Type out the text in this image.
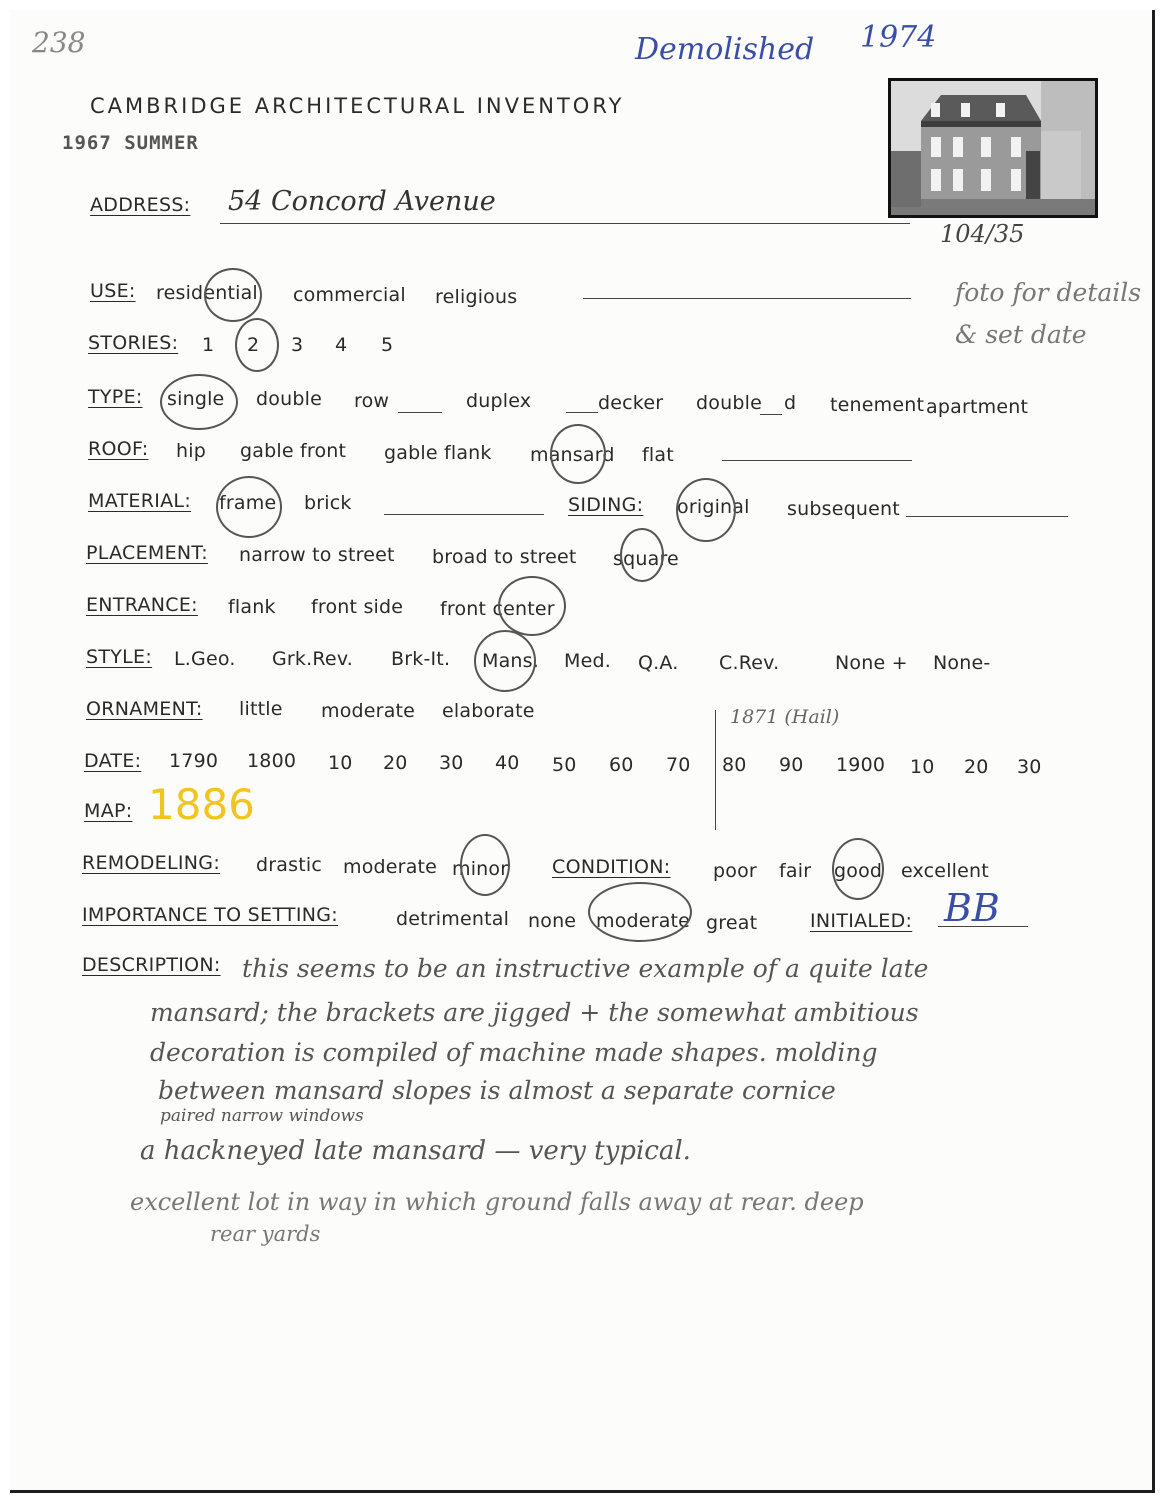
238	Demolished 1974
CAMBRIDGE ARCHITECTURAL INVENTORY
1967 SUMMER
104/35
foto for details
& set date
ADDRESS: 54 Concord Avenue
USE: residential commercial religious
STORIES: 1 2 3 4 5
TYPE: single double row	duplex	decker double d tenement apartment
ROOF: hip gable front gable flank mansard flat
MATERIAL: frame brick	SIDING: original subsequent
PLACEMENT: narrow to street broad to street square
ENTRANCE: flank front side front center
STYLE: L.Geo. Grk.Rev. Brk-It. Mans. Med. Q.A. C.Rev.	None + None-
ORNAMENT: little moderate elaborate
DATE:
1871 (Hail)
1790 1800 10 20 30 40 50 60 70 80 90 1900 10 20 30
MAP: 1886
REMODELING: drastic moderate minor CONDITION: poor fair good excellent
IMPORTANCE TO SETTING:	detrimental none moderate great	INITIALED: BB
DESCRIPTION: this seems to be an instructive example of a quite late
mansard; the brackets are jigged + the somewhat ambitious
decoration is compiled of machine made shapes. molding
between mansard slopes is almost a separate cornice
paired narrow windows
a hackneyed late mansard — very typical.
excellent lot in way in which ground falls away at rear. deep
rear yards
